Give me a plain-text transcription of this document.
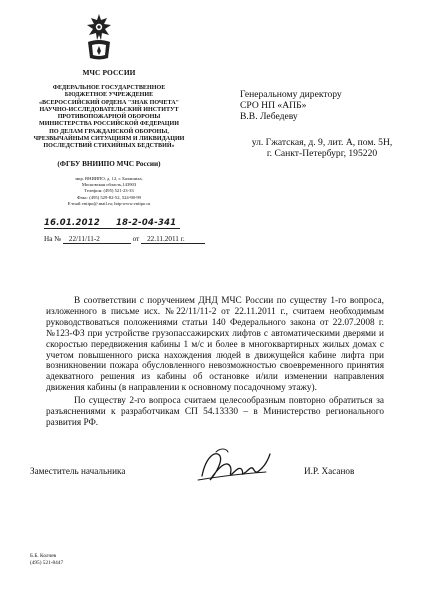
МЧС РОССИИ
ФЕДЕРАЛЬНОЕ ГОСУДАРСТВЕННОЕ
БЮДЖЕТНОЕ УЧРЕЖДЕНИЕ
«ВСЕРОССИЙСКИЙ ОРДЕНА "ЗНАК ПОЧЕТА"
НАУЧНО-ИССЛЕДОВАТЕЛЬСКИЙ ИНСТИТУТ
ПРОТИВОПОЖАРНОЙ ОБОРОНЫ
МИНИСТЕРСТВА РОССИЙСКОЙ ФЕДЕРАЦИИ
ПО ДЕЛАМ ГРАЖДАНСКОЙ ОБОРОНЫ,
ЧРЕЗВЫЧАЙНЫМ СИТУАЦИЯМ И ЛИКВИДАЦИИ
ПОСЛЕДСТВИЙ СТИХИЙНЫХ БЕДСТВИЙ»
(ФГБУ ВНИИПО МЧС России)
мкр. ВНИИПО, д. 12, г. Балашиха,
Московская область,143903
Телефон: (495) 521-23-33
Факс: (495) 529-82-52, 524-98-99
E-mail:vniipo@.mail.ru; http:www.vniipo.ru
16.01.2012 18-2-04-341
На № 22/11/11-2	от 22.11.2011 г.
Генеральному директору
СРО НП «АПБ»
В.В. Лебедеву
ул. Гжатская, д. 9, лит. А, пом. 5Н,
г. Санкт-Петербург, 195220

В соответствии с поручением ДНД МЧС России по существу 1-го вопроса, изложенного в письме исх. №22/11/11-2 от 22.11.2011 г., считаем необходимым руководствоваться положениями статьи 140 Федерального закона от 22.07.2008 г. №123-ФЗ при устройстве грузопассажирских лифтов с автоматическими дверями и скоростью передвижения кабины 1 м/с и более в многоквартирных жилых домах с учетом повышенного риска нахождения людей в движущейся кабине лифта при возникновении пожара обусловленного невозможностью своевременного принятия адекватного решения из кабины об остановке и/или изменении направления движения кабины (в направлении к основному посадочному этажу).

По существу 2-го вопроса считаем целесообразным повторно обратиться за разъяснениями к разработчикам СП 54.13330 – в Министерство регионального развития РФ.

Заместитель начальника	И.Р. Хасанов
Б.Б. Колчев
(495) 521-8447
